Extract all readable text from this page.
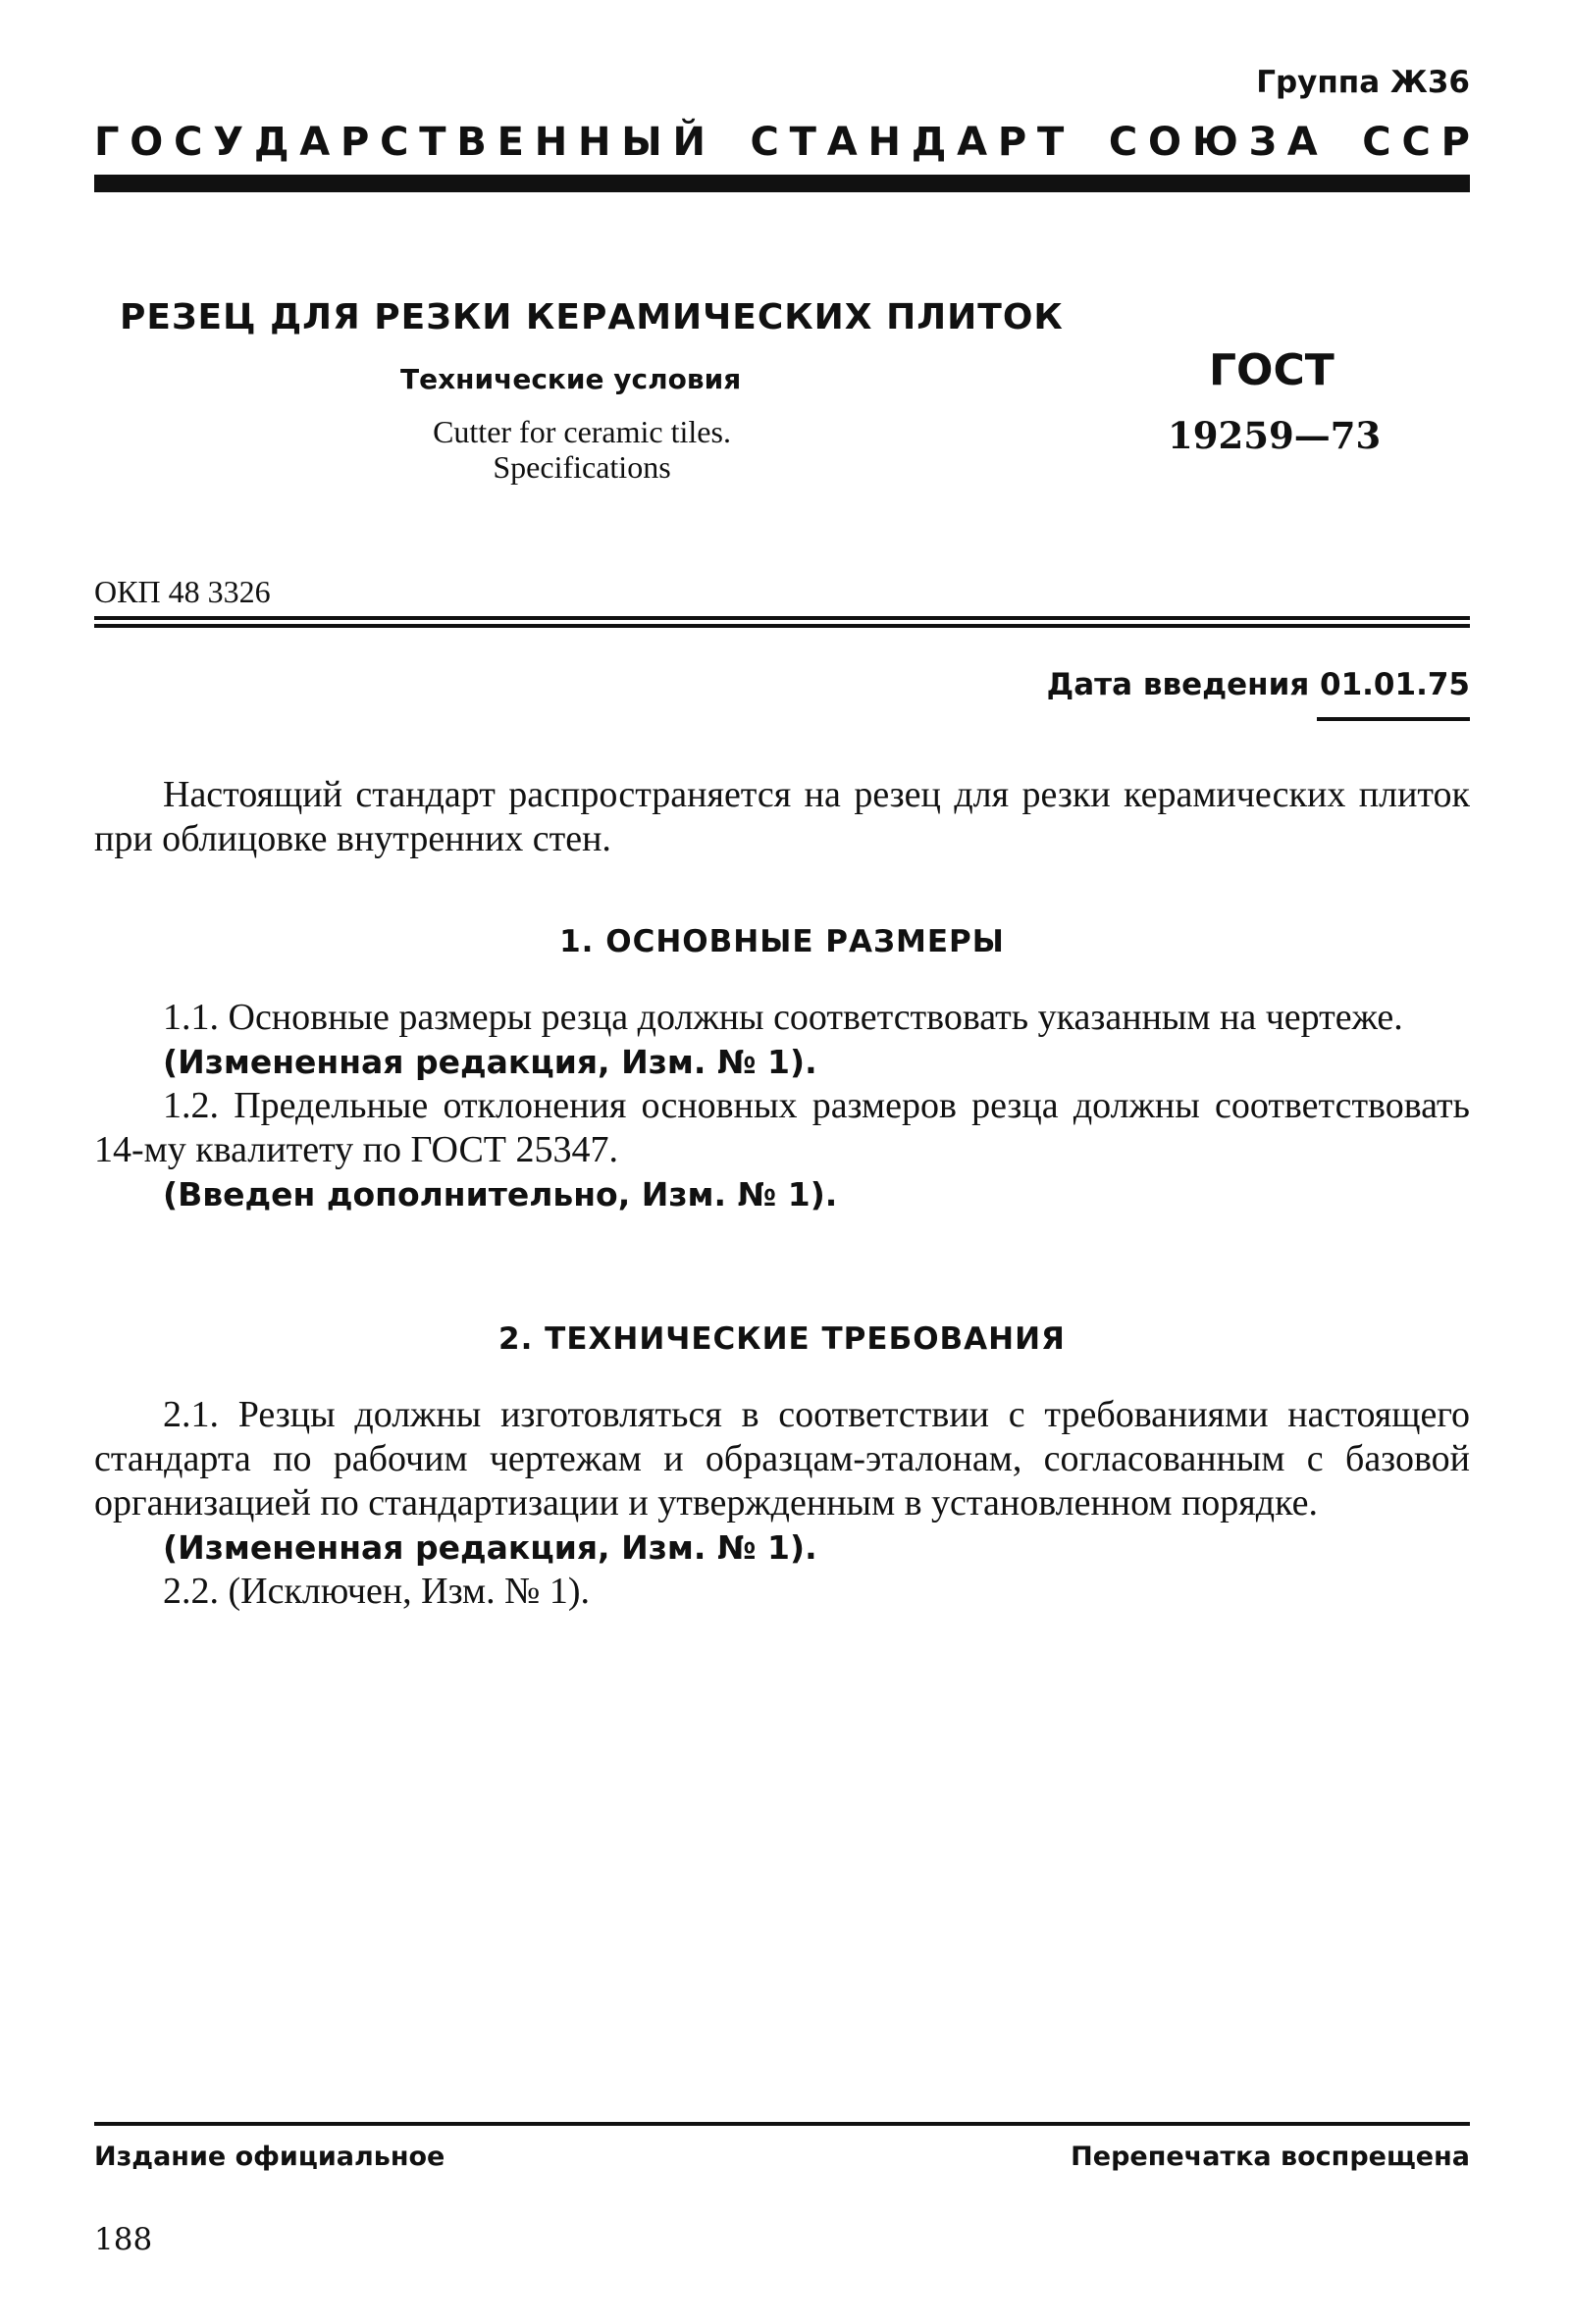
Группа Ж36
Г О С У Д А Р С Т В Е Н Н Ы Й С Т А Н Д А Р Т С О Ю З А С С Р
РЕЗЕЦ ДЛЯ РЕЗКИ КЕРАМИЧЕСКИХ ПЛИТОК
Технические условия
Cutter for ceramic tiles.
Specifications
ГОСТ
19259—73
ОКП 48 3326
Дата введения 01.01.75

Настоящий стандарт распространяется на резец для резки керамических плиток при облицовке внутренних стен.

1. ОСНОВНЫЕ РАЗМЕРЫ

1.1. Основные размеры резца должны соответствовать указанным на чертеже.

(Измененная редакция, Изм. № 1).

1.2. Предельные отклонения основных размеров резца должны соответствовать 14-му квалитету по ГОСТ 25347.

(Введен дополнительно, Изм. № 1).

2. ТЕХНИЧЕСКИЕ ТРЕБОВАНИЯ

2.1. Резцы должны изготовляться в соответствии с требованиями настоящего стандарта по рабочим чертежам и образцам-эталонам, согласованным с базовой организацией по стандартизации и утвержденным в установленном порядке.

(Измененная редакция, Изм. № 1).

2.2. (Исключен, Изм. № 1).

Издание официальное	Перепечатка воспрещена
188
